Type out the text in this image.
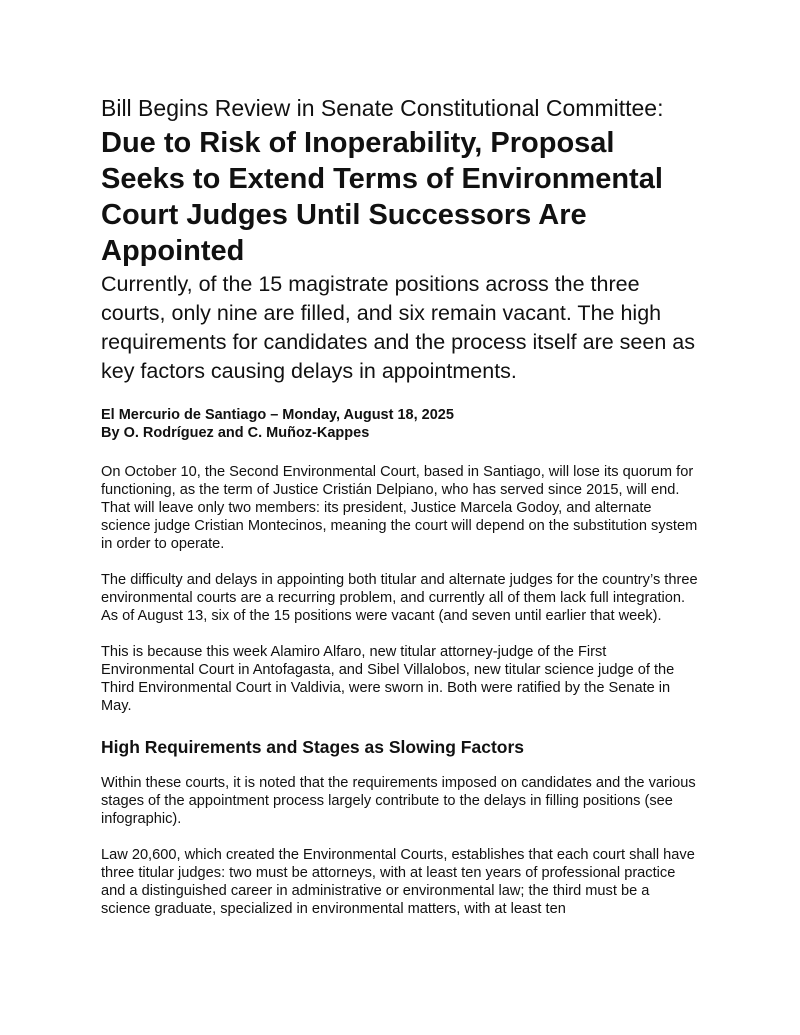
Bill Begins Review in Senate Constitutional Committee:
Due to Risk of Inoperability, Proposal Seeks to Extend Terms of Environmental Court Judges Until Successors Are Appointed

Currently, of the 15 magistrate positions across the three courts, only nine are filled, and six remain vacant. The high requirements for candidates and the process itself are seen as key factors causing delays in appointments.

El Mercurio de Santiago – Monday, August 18, 2025
By O. Rodríguez and C. Muñoz-Kappes

On October 10, the Second Environmental Court, based in Santiago, will lose its quorum for functioning, as the term of Justice Cristián Delpiano, who has served since 2015, will end. That will leave only two members: its president, Justice Marcela Godoy, and alternate science judge Cristian Montecinos, meaning the court will depend on the substitution system in order to operate.

The difficulty and delays in appointing both titular and alternate judges for the country’s three environmental courts are a recurring problem, and currently all of them lack full integration. As of August 13, six of the 15 positions were vacant (and seven until earlier that week).

This is because this week Alamiro Alfaro, new titular attorney-judge of the First Environmental Court in Antofagasta, and Sibel Villalobos, new titular science judge of the Third Environmental Court in Valdivia, were sworn in. Both were ratified by the Senate in May.

High Requirements and Stages as Slowing Factors

Within these courts, it is noted that the requirements imposed on candidates and the various stages of the appointment process largely contribute to the delays in filling positions (see infographic).

Law 20,600, which created the Environmental Courts, establishes that each court shall have three titular judges: two must be attorneys, with at least ten years of professional practice and a distinguished career in administrative or environmental law; the third must be a science graduate, specialized in environmental matters, with at least ten
